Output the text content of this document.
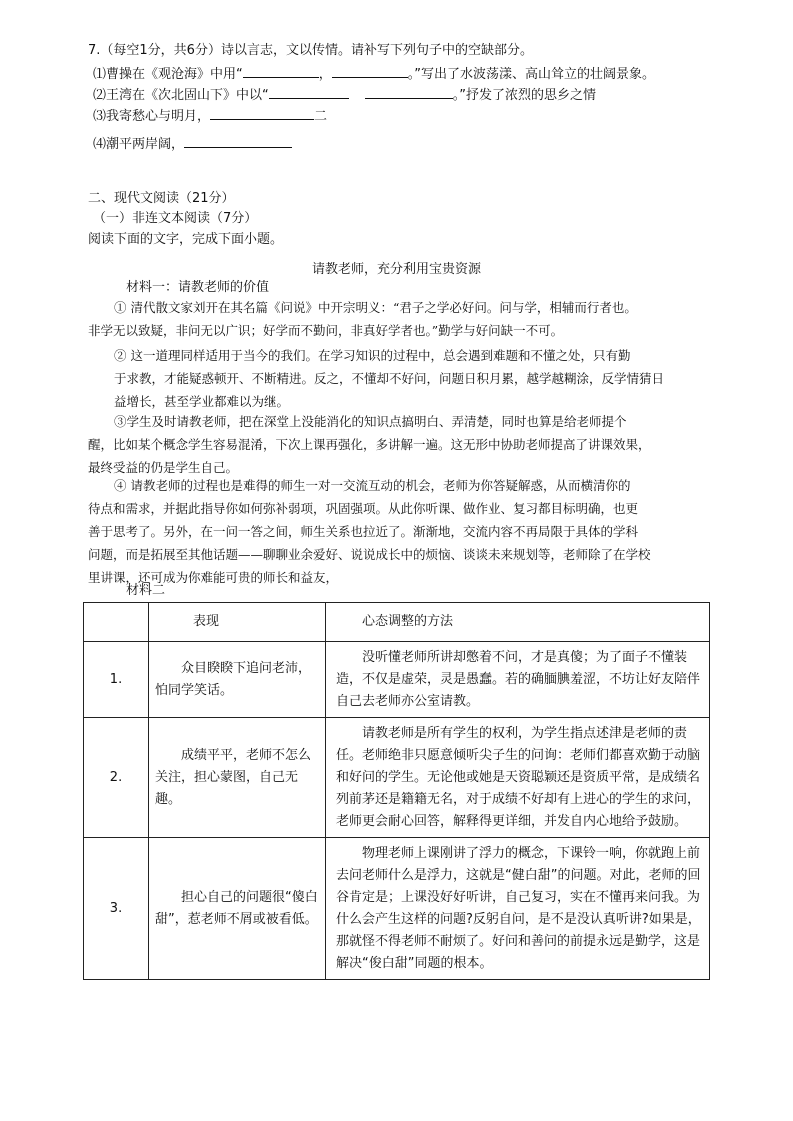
7.（每空1分，共6分）诗以言志，文以传情。请补写下列句子中的空缺部分。
⑴曹操在《观沧海》中用“	，	。”写出了水波荡漾、高山耸立的壮阔景象。
⑵王湾在《次北固山下》中以“	。”抒发了浓烈的思乡之情
⑶我寄愁心与明月，	二
⑷潮平两岸阔，
二、现代文阅读（21分）
（一）非连文本阅读（7分）
阅读下面的文字，完成下面小题。
请教老师，充分利用宝贵资源
材料一：请教老师的价值
① 清代散文家刘开在其名篇《问说》中开宗明义：“君子之学必好问。问与学，相辅而行者也。
非学无以致疑，非问无以广识；好学而不勤问，非真好学者也。”勤学与好问缺一不可。
② 这一道理同样适用于当今的我们。在学习知识的过程中，总会遇到难题和不懂之处，只有勤
于求教，才能疑惑顿开、不断精进。反之，不懂却不好问，问题日积月累，越学越糊涂，反学情猜日
益增长，甚至学业都难以为继。
③学生及时请教老师，把在深堂上没能消化的知识点搞明白、弄清楚，同时也算是给老师提个
醒，比如某个概念学生容易混淆，下次上课再强化，多讲解一遍。这无形中协助老师提高了讲课效果，
最终受益的仍是学生自己。
④ 请教老师的过程也是难得的师生一对一交流互动的机会，老师为你答疑解惑，从而横清你的
待点和需求，并据此指导你如何弥补弱项，巩固强项。从此你听课、做作业、复习都目标明确，也更
善于思考了。另外，在一问一答之间，师生关系也拉近了。渐渐地，交流内容不再局限于具体的学科
问题，而是拓展至其他话题——聊聊业余爱好、说说成长中的烦恼、谈谈未来规划等，老师除了在学校
里讲课，还可成为你难能可贵的师长和益友，
材料二
	表现	心态调整的方法
1.	众目睽睽下追问老沛，怕同学笑话。	没听懂老师所讲却憋着不问，才是真傻；为了面子不懂装造，不仅是虚荣，灵是愚蠢。若的确腼腆羞涩，不坊让好友陪伴自己去老师亦公室请教。
2.	成绩平平，老师不怎么关注，担心蒙图，自己无趣。	请教老师是所有学生的权利，为学生指点述津是老师的责任。老师绝非只愿意倾听尖子生的问询：老师们都喜欢勤于动脑和好问的学生。无论他或她是天资聪颖还是资质平常，是成绩名列前茅还是籍籍无名，对于成绩不好却有上进心的学生的求问，老师更会耐心回答，解释得更详细，并发自内心地给予鼓励。
3.	担心自己的问题很“傻白甜”，惹老师不屑或被看低。	物理老师上课刚讲了浮力的概念，下课铃一响，你就跑上前去问老师什么是浮力，这就是“健白甜”的问题。对此，老师的回谷肯定是；上课没好好听讲，自己复习，实在不懂再来问我。为什么会产生这样的问题?反躬自问，是不是没认真听讲?如果是，那就怪不得老师不耐烦了。好问和善问的前提永远是勤学，这是解决“俊白甜”同题的根本。
